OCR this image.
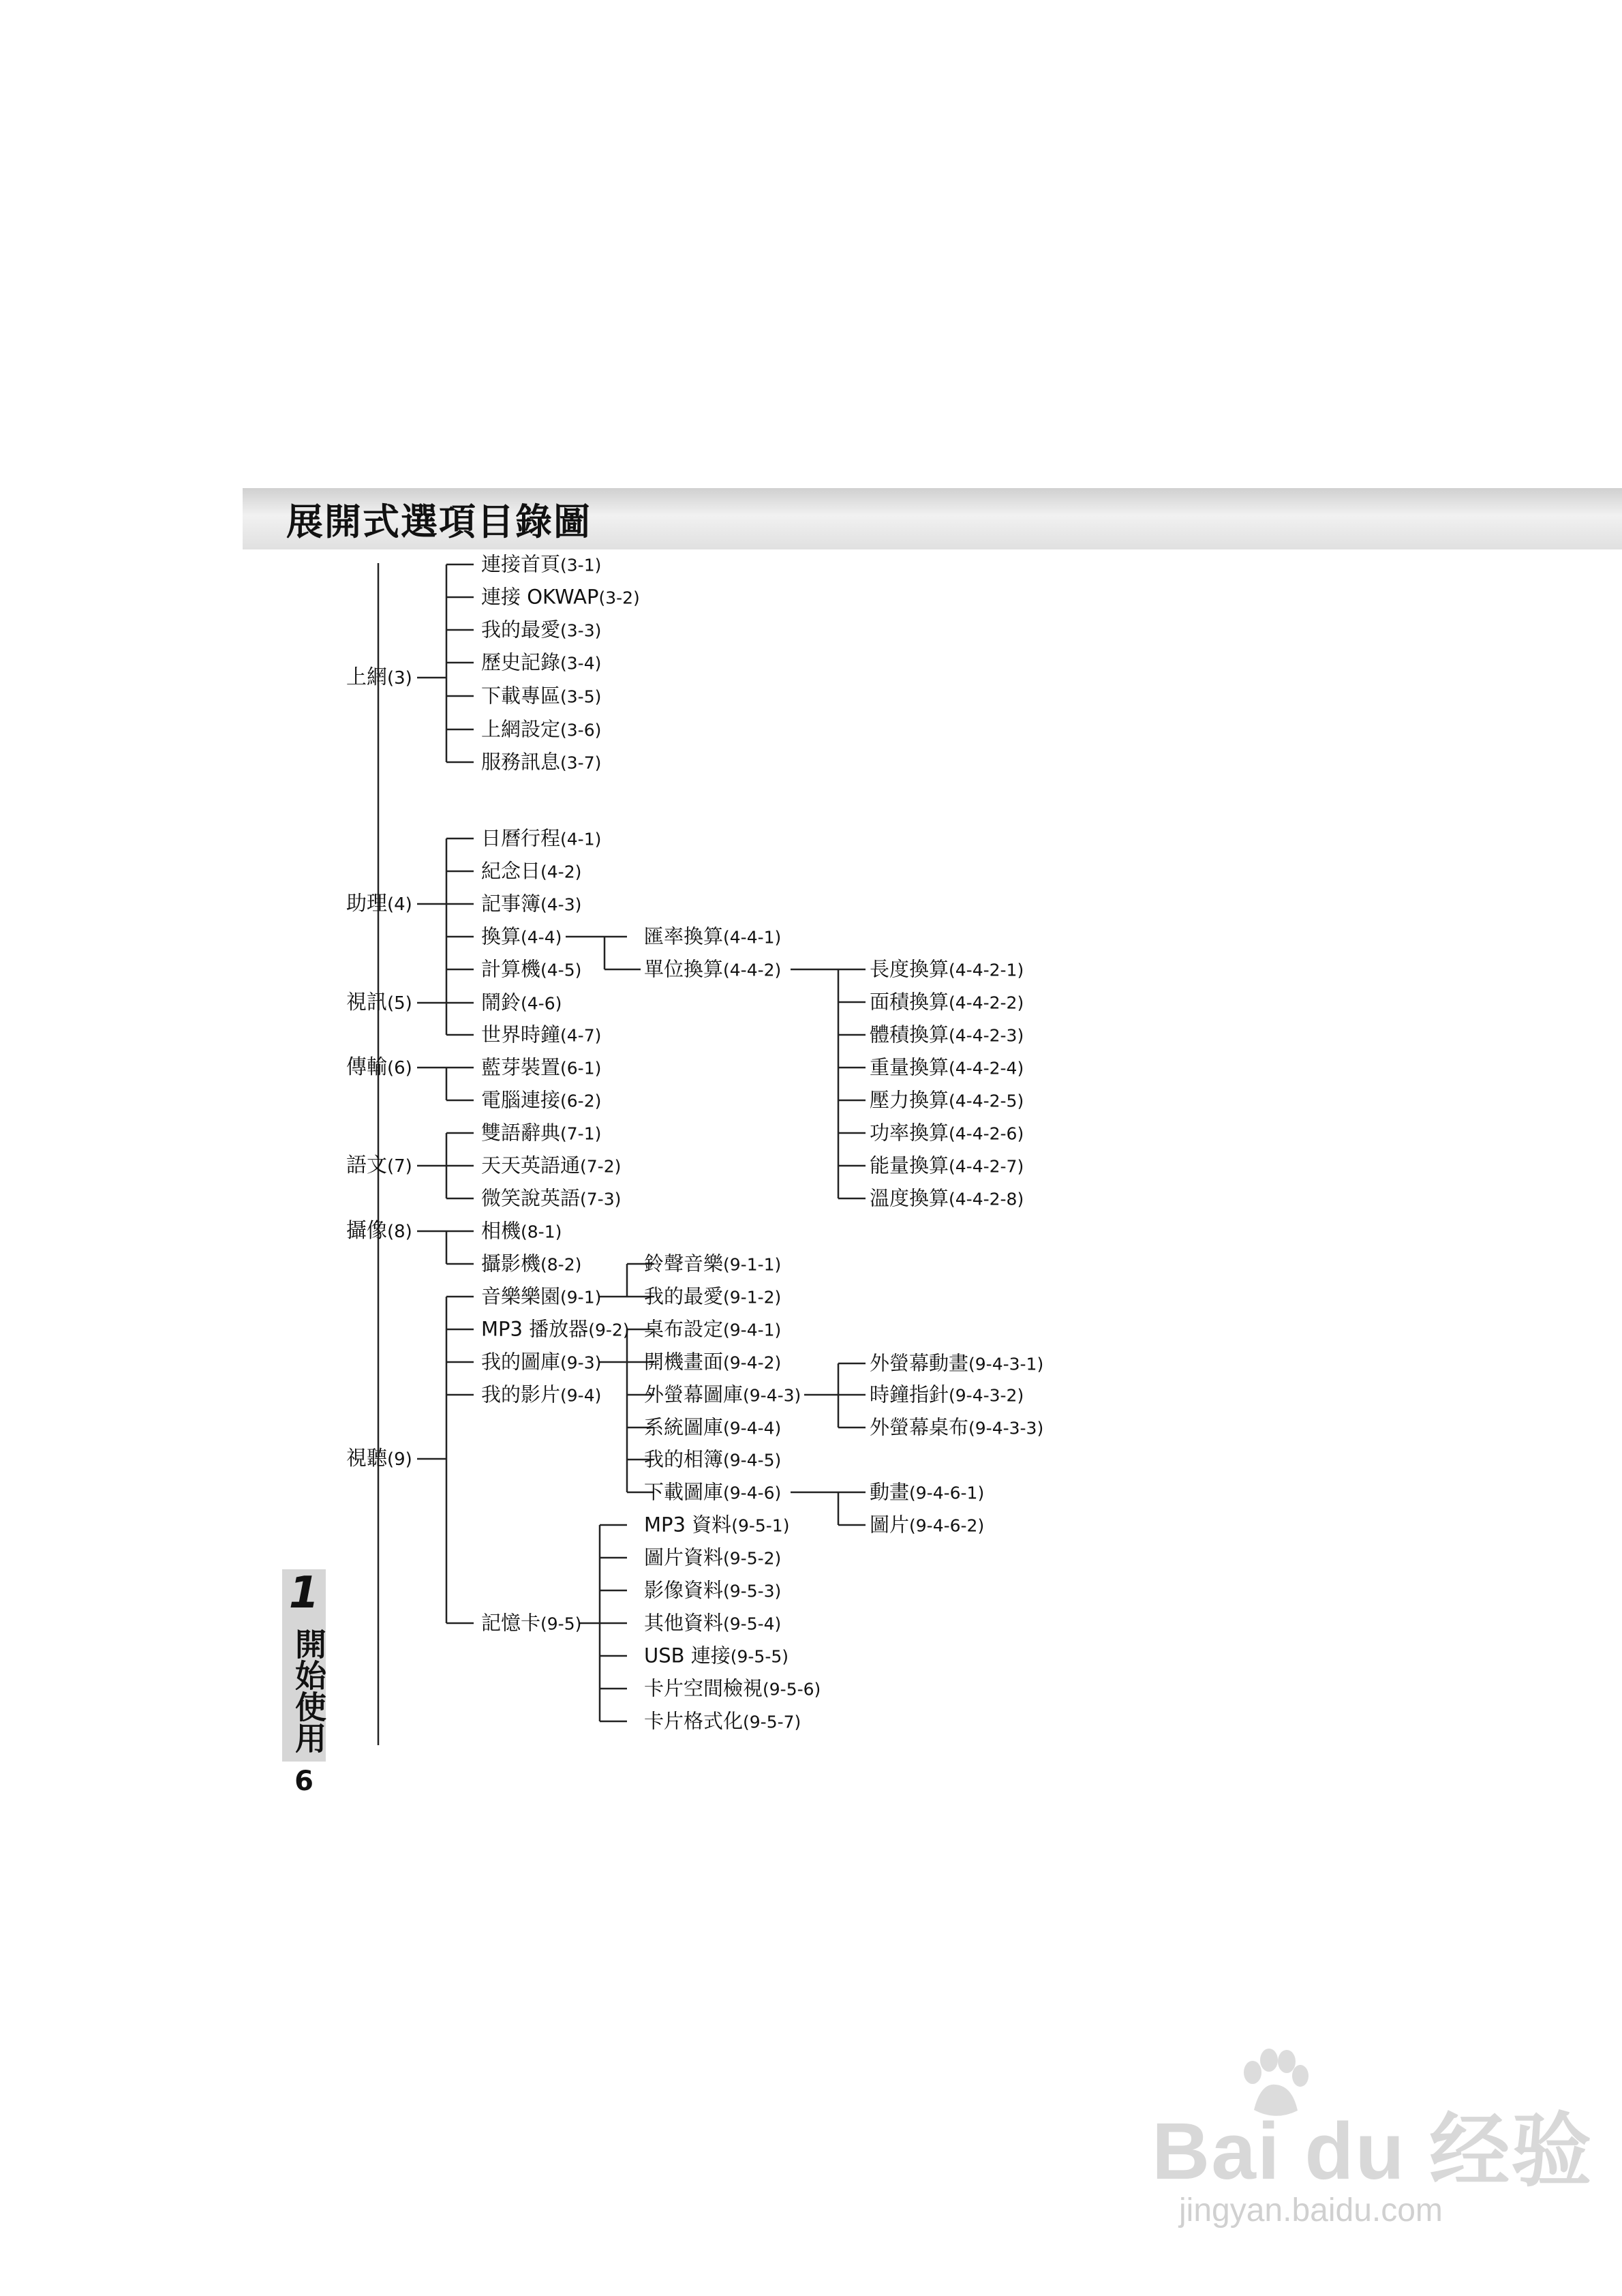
展開式選項目錄圖
上網(3)
助理(4)
視訊(5)
傳輸(6)
語文(7)
攝像(8)
視聽(9)
連接首頁(3-1)
連接 OKWAP(3-2)
我的最愛(3-3)
歷史記錄(3-4)
下載專區(3-5)
上網設定(3-6)
服務訊息(3-7)
日曆行程(4-1)
紀念日(4-2)
記事簿(4-3)
換算(4-4)
計算機(4-5)
鬧鈴(4-6)
世界時鐘(4-7)
藍芽裝置(6-1)
電腦連接(6-2)
雙語辭典(7-1)
天天英語通(7-2)
微笑說英語(7-3)
相機(8-1)
攝影機(8-2)
音樂樂園(9-1)
MP3 播放器(9-2)
我的圖庫(9-3)
我的影片(9-4)
記憶卡(9-5)
匯率換算(4-4-1)
單位換算(4-4-2)
鈴聲音樂(9-1-1)
我的最愛(9-1-2)
桌布設定(9-4-1)
開機畫面(9-4-2)
外螢幕圖庫(9-4-3)
系統圖庫(9-4-4)
我的相簿(9-4-5)
下載圖庫(9-4-6)
MP3 資料(9-5-1)
圖片資料(9-5-2)
影像資料(9-5-3)
其他資料(9-5-4)
USB 連接(9-5-5)
卡片空間檢視(9-5-6)
卡片格式化(9-5-7)
長度換算(4-4-2-1)
面積換算(4-4-2-2)
體積換算(4-4-2-3)
重量換算(4-4-2-4)
壓力換算(4-4-2-5)
功率換算(4-4-2-6)
能量換算(4-4-2-7)
溫度換算(4-4-2-8)
外螢幕動畫(9-4-3-1)
時鐘指針(9-4-3-2)
外螢幕桌布(9-4-3-3)
動畫(9-4-6-1)
圖片(9-4-6-2)
1
開始使用
6
Bai du 经验
jingyan.baidu.com
